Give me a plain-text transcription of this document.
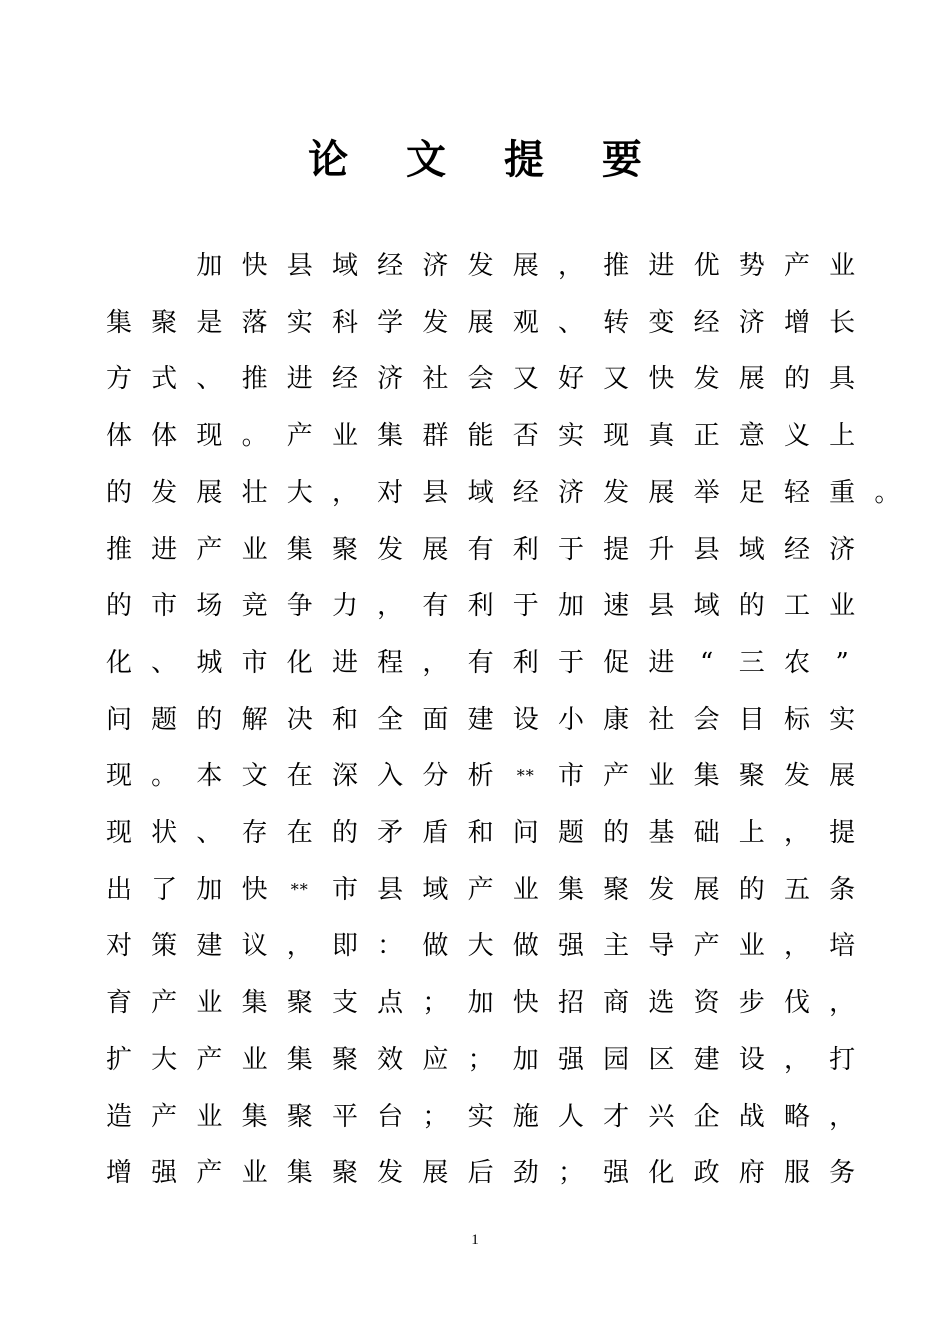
论 文 提 要
加 快 县 域 经 济 发 展 ， 推 进 优 势 产 业
集 聚 是 落 实 科 学 发 展 观 、 转 变 经 济 增 长
方 式 、 推 进 经 济 社 会 又 好 又 快 发 展 的 具
体 体 现 。 产 业 集 群 能 否 实 现 真 正 意 义 上
的 发 展 壮 大 ， 对 县 域 经 济 发 展 举 足 轻 重 。
推 进 产 业 集 聚 发 展 有 利 于 提 升 县 域 经 济
的 市 场 竞 争 力 ， 有 利 于 加 速 县 域 的 工 业
化 、 城 市 化 进 程 ， 有 利 于 促 进 “ 三 农 ”
问 题 的 解 决 和 全 面 建 设 小 康 社 会 目 标 实
现 。 本 文 在 深 入 分 析	** 市 产 业 集 聚 发 展
现 状 、 存 在 的 矛 盾 和 问 题 的 基 础 上 ， 提
出 了 加 快	** 市 县 域 产 业 集 聚 发 展 的 五 条
对 策 建 议 ， 即 ： 做 大 做 强 主 导 产 业 ， 培
育 产 业 集 聚 支 点 ； 加 快 招 商 选 资 步 伐 ，
扩 大 产 业 集 聚 效 应 ； 加 强 园 区 建 设 ， 打
造 产 业 集 聚 平 台 ； 实 施 人 才 兴 企 战 略 ，
增 强 产 业 集 聚 发 展 后 劲 ； 强 化 政 府 服 务
1
